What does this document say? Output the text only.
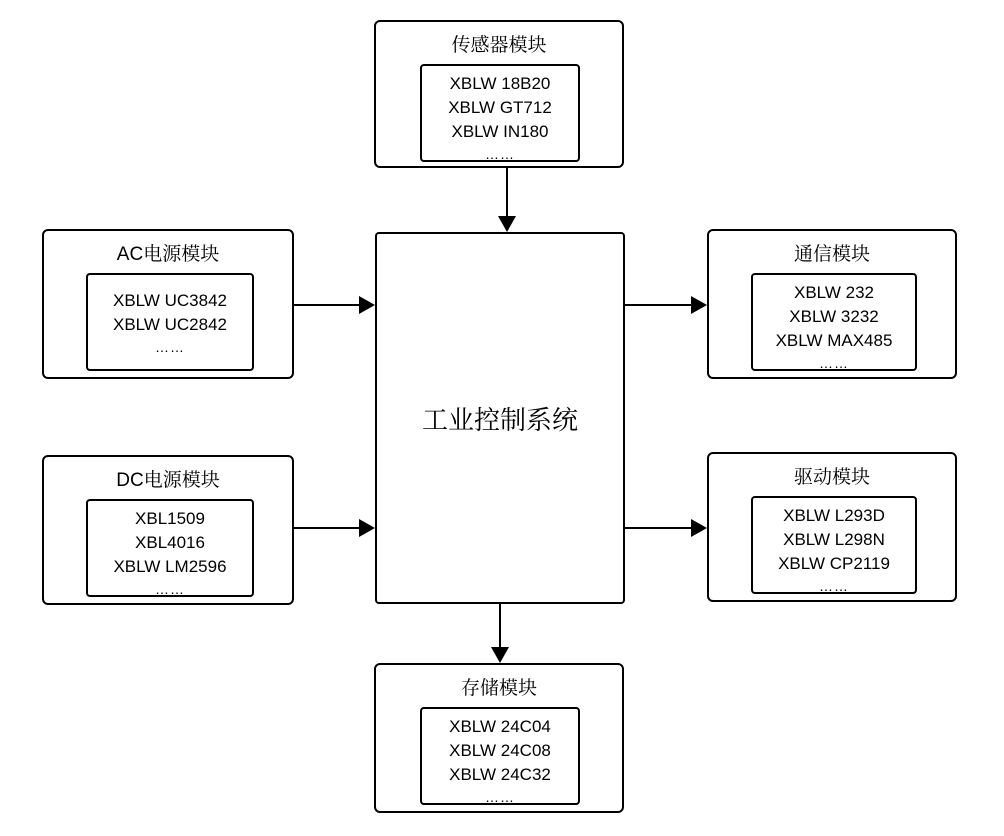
传感器模块
XBLW 18B20
XBLW GT712
XBLW IN180
……
AC电源模块
XBLW UC3842
XBLW UC2842
……
DC电源模块
XBL1509
XBL4016
XBLW LM2596
……
通信模块
XBLW 232
XBLW 3232
XBLW MAX485
……
驱动模块
XBLW L293D
XBLW L298N
XBLW CP2119
……
存储模块
XBLW 24C04
XBLW 24C08
XBLW 24C32
……
工业控制系统
